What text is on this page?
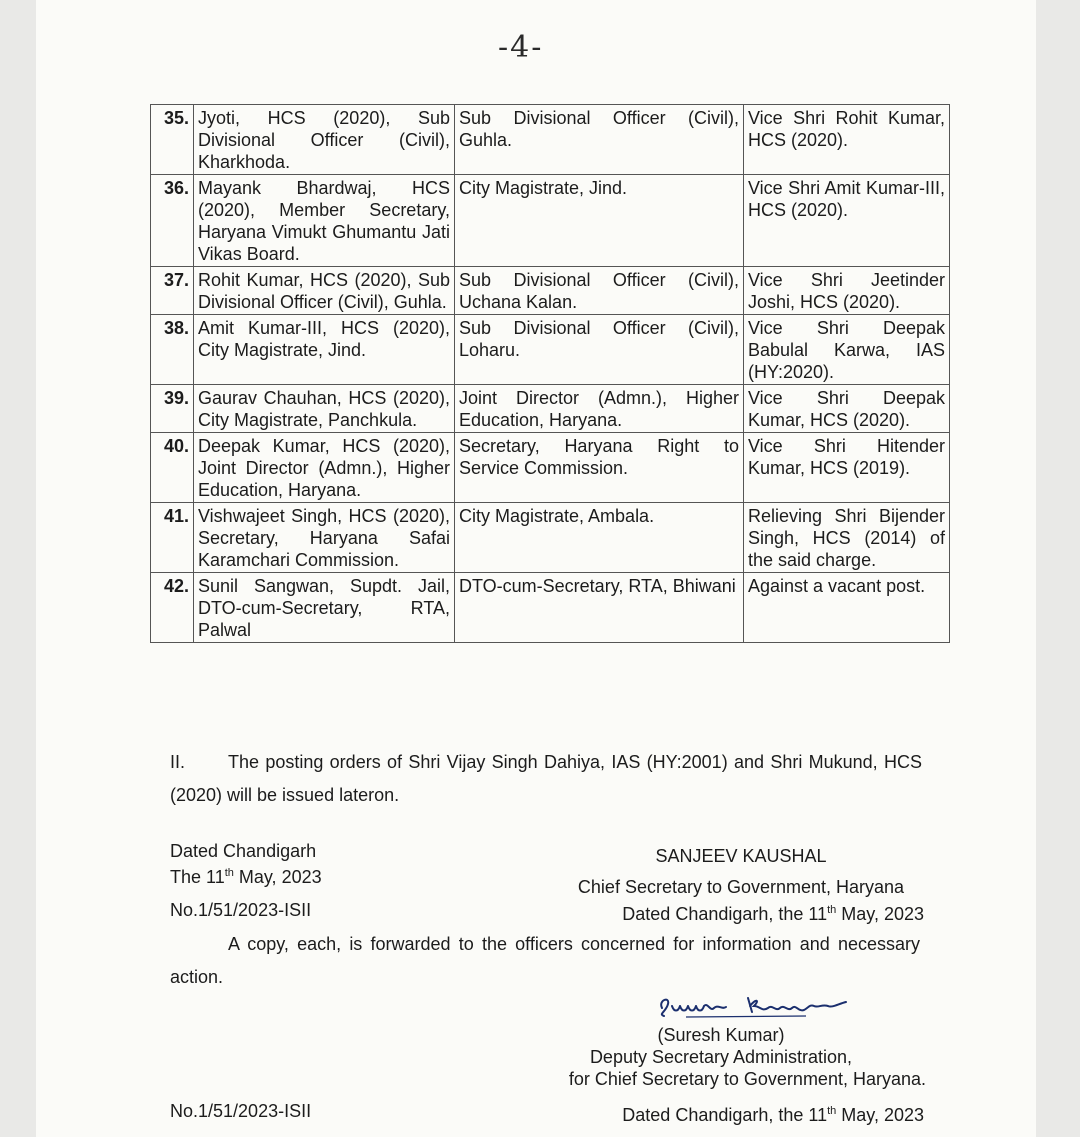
-4-
35.	Jyoti, HCS (2020), Sub Divisional Officer (Civil), Kharkhoda.	Sub Divisional Officer (Civil), Guhla.	Vice Shri Rohit Kumar, HCS (2020).
36.	Mayank Bhardwaj, HCS (2020), Member Secretary, Haryana Vimukt Ghumantu Jati Vikas Board.	City Magistrate, Jind.	Vice Shri Amit Kumar-III, HCS (2020).
37.	Rohit Kumar, HCS (2020), Sub Divisional Officer (Civil), Guhla.	Sub Divisional Officer (Civil), Uchana Kalan.	Vice Shri Jeetinder Joshi, HCS (2020).
38.	Amit Kumar-III, HCS (2020), City Magistrate, Jind.	Sub Divisional Officer (Civil), Loharu.	Vice Shri Deepak Babulal Karwa, IAS (HY:2020).
39.	Gaurav Chauhan, HCS (2020), City Magistrate, Panchkula.	Joint Director (Admn.), Higher Education, Haryana.	Vice Shri Deepak Kumar, HCS (2020).
40.	Deepak Kumar, HCS (2020), Joint Director (Admn.), Higher Education, Haryana.	Secretary, Haryana Right to Service Commission.	Vice Shri Hitender Kumar, HCS (2019).
41.	Vishwajeet Singh, HCS (2020), Secretary, Haryana Safai Karamchari Commission.	City Magistrate, Ambala.	Relieving Shri Bijender Singh, HCS (2014) of the said charge.
42.	Sunil Sangwan, Supdt. Jail, DTO-cum-Secretary, RTA, Palwal	DTO-cum-Secretary, RTA, Bhiwani	Against a vacant post.
II. The posting orders of Shri Vijay Singh Dahiya, IAS (HY:2001) and Shri Mukund, HCS (2020) will be issued lateron.
Dated Chandigarh
The 11th May, 2023
SANJEEV KAUSHAL
Chief Secretary to Government, Haryana
No.1/51/2023-ISII	Dated Chandigarh, the 11th May, 2023
A copy, each, is forwarded to the officers concerned for information and necessary action.
(Suresh Kumar)
Deputy Secretary Administration,
for Chief Secretary to Government, Haryana.
No.1/51/2023-ISII	Dated Chandigarh, the 11th May, 2023
